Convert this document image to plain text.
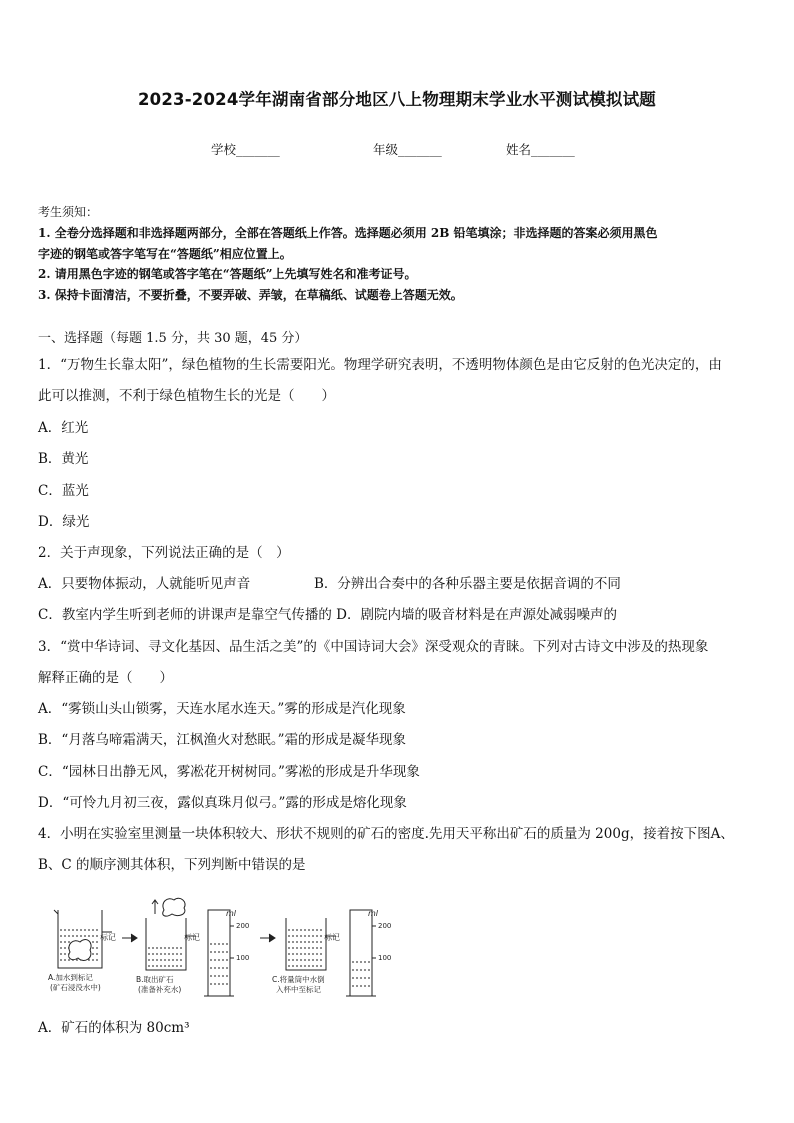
2023-2024学年湖南省部分地区八上物理期末学业水平测试模拟试题
学校_______	年级_______	姓名_______
考生须知：
1. 全卷分选择题和非选择题两部分，全部在答题纸上作答。选择题必须用 2B 铅笔填涂；非选择题的答案必须用黑色
字迹的钢笔或答字笔写在“答题纸”相应位置上。
2. 请用黑色字迹的钢笔或答字笔在“答题纸”上先填写姓名和准考证号。
3. 保持卡面清洁，不要折叠，不要弄破、弄皱，在草稿纸、试题卷上答题无效。
一、选择题（每题 1.5 分，共 30 题，45 分）
1．“万物生长靠太阳”，绿色植物的生长需要阳光。物理学研究表明，不透明物体颜色是由它反射的色光决定的，由
此可以推测，不利于绿色植物生长的光是（　　）
A．红光
B．黄光
C．蓝光
D．绿光
2．关于声现象，下列说法正确的是（　）
A．只要物体振动，人就能听见声音	B．分辨出合奏中的各种乐器主要是依据音调的不同
C．教室内学生听到老师的讲课声是靠空气传播的 D．剧院内墙的吸音材料是在声源处减弱噪声的
3．“赏中华诗词、寻文化基因、品生活之美”的《中国诗词大会》深受观众的青睐。下列对古诗文中涉及的热现象
解释正确的是（　　）
A．“雾锁山头山锁雾，天连水尾水连天。”雾的形成是汽化现象
B．“月落乌啼霜满天，江枫渔火对愁眠。”霜的形成是凝华现象
C．“园林日出静无风，雾凇花开树树同。”雾凇的形成是升华现象
D．“可怜九月初三夜，露似真珠月似弓。”露的形成是熔化现象
4．小明在实验室里测量一块体积较大、形状不规则的矿石的密度.先用天平称出矿石的质量为 200g，接着按下图A、
B、C 的顺序测其体积，下列判断中错误的是
标记	标记	标记
ml
200
100
ml
200
100
A.加水到标记
(矿石浸没水中)
B.取出矿石
(准备补充水)
C.将量筒中水倒
入杯中至标记
A．矿石的体积为 80cm³
